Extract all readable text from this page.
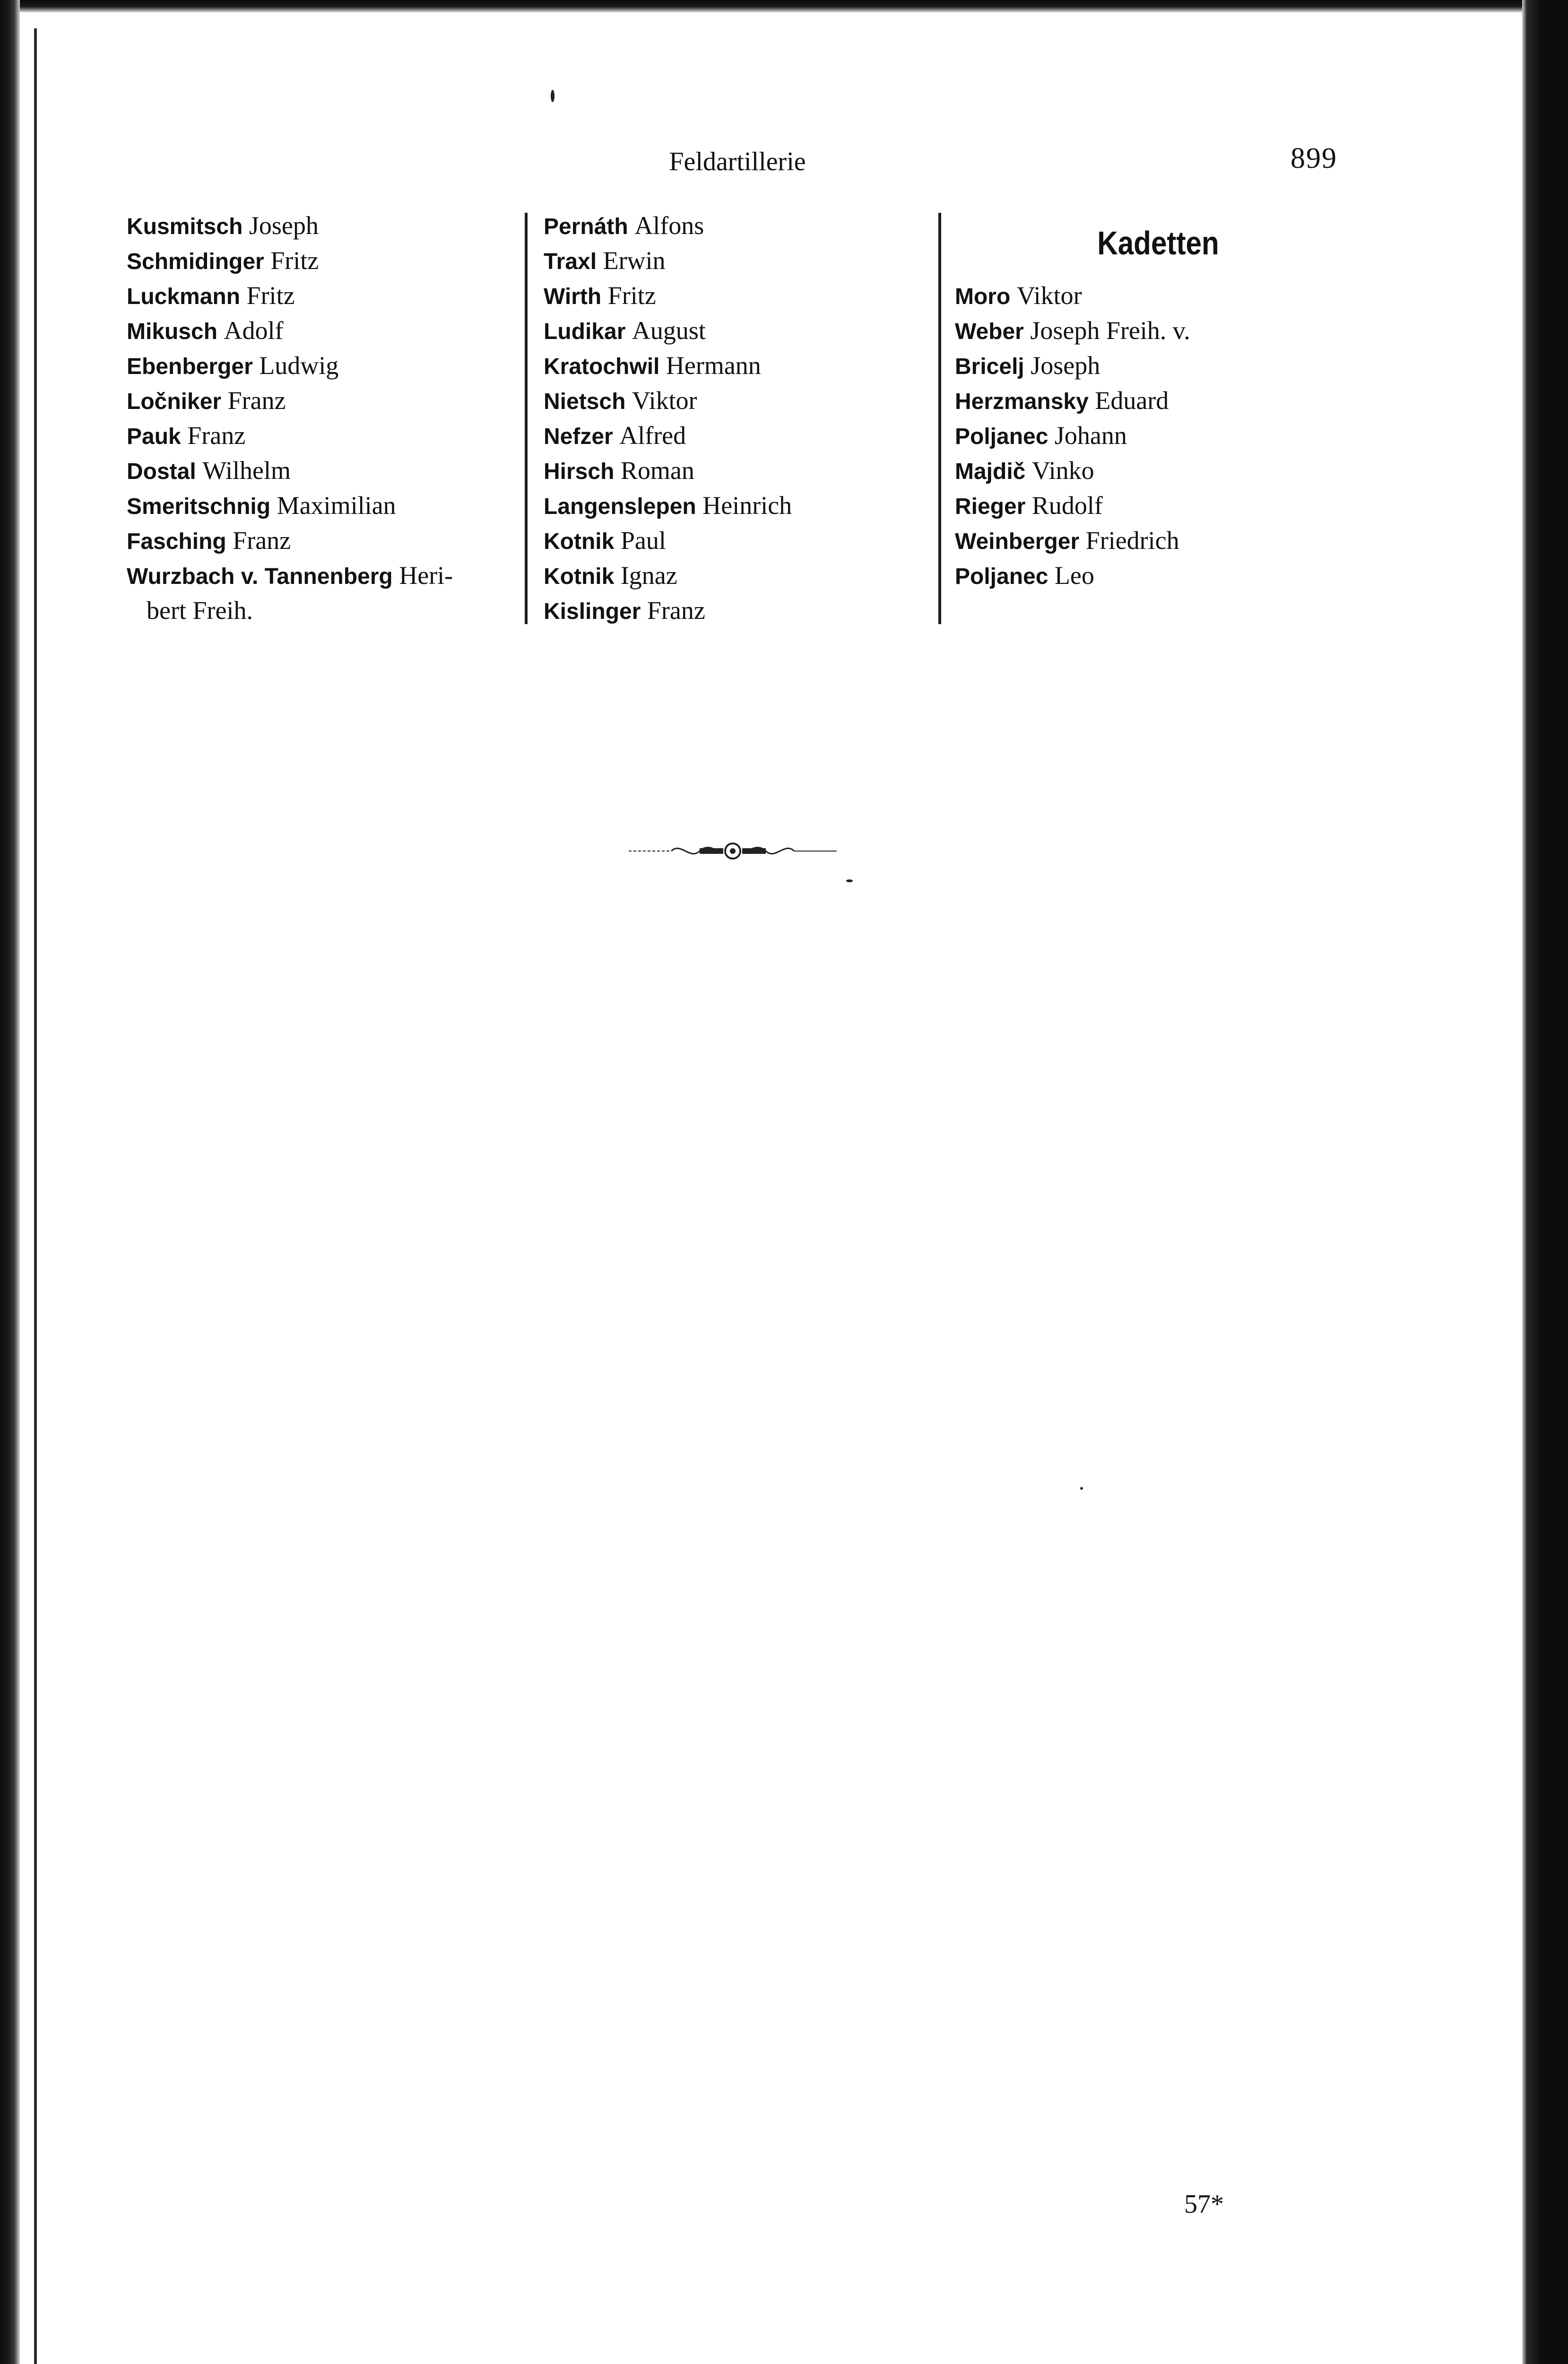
Feldartillerie	899
Kusmitsch Joseph
Schmidinger Fritz
Luckmann Fritz
Mikusch Adolf
Ebenberger Ludwig
Ločniker Franz
Pauk Franz
Dostal Wilhelm
Smeritschnig Maximilian
Fasching Franz
Wurzbach v. Tannenberg Heri-
bert Freih.
Pernáth Alfons
Traxl Erwin
Wirth Fritz
Ludikar August
Kratochwil Hermann
Nietsch Viktor
Nefzer Alfred
Hirsch Roman
Langenslepen Heinrich
Kotnik Paul
Kotnik Ignaz
Kislinger Franz
Kadetten
Moro Viktor
Weber Joseph Freih. v.
Bricelj Joseph
Herzmansky Eduard
Poljanec Johann
Majdič Vinko
Rieger Rudolf
Weinberger Friedrich
Poljanec Leo
57*
